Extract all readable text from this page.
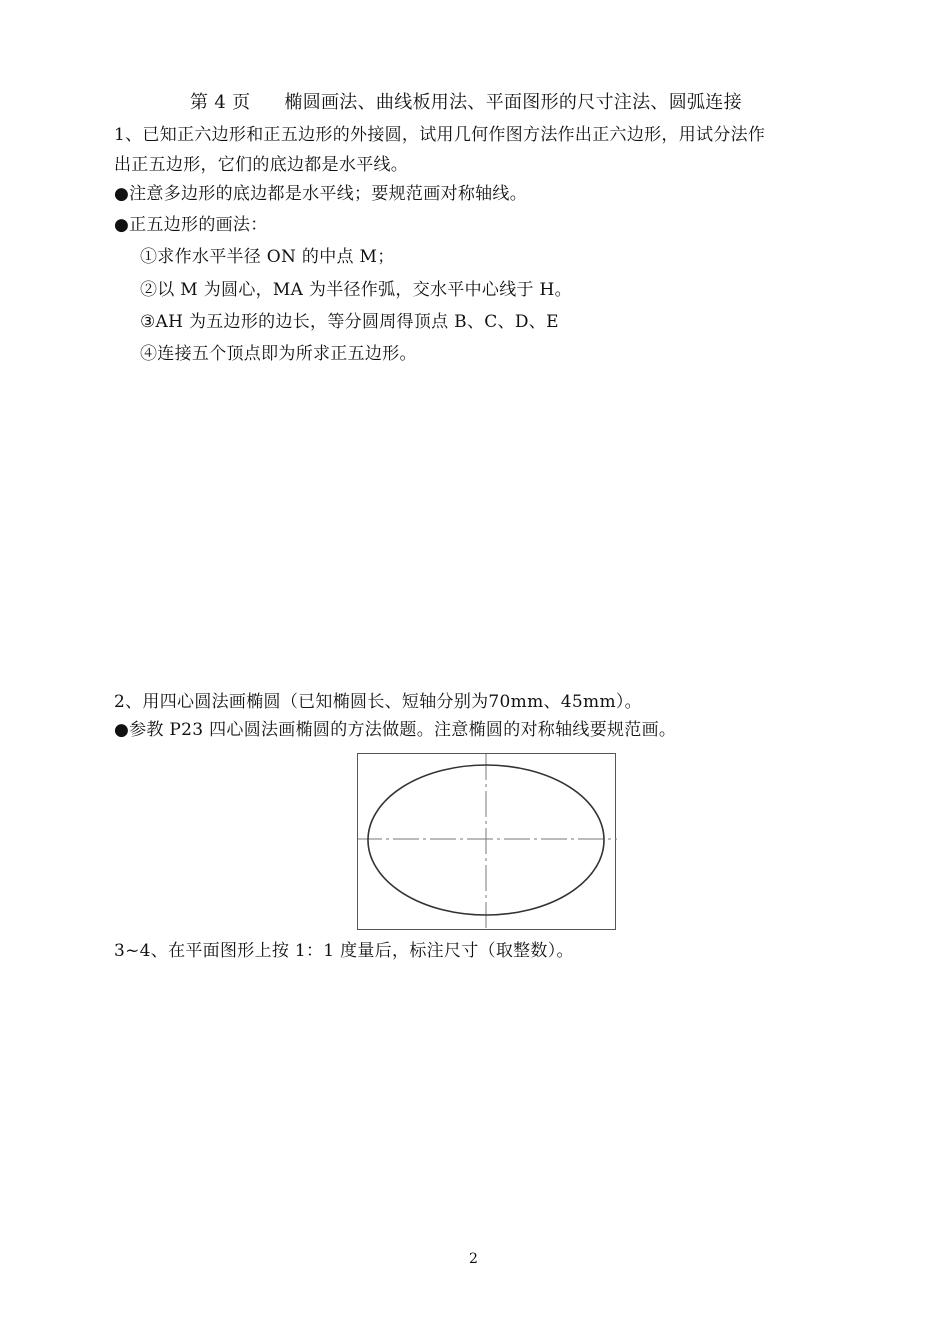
第 4 页 椭圆画法、曲线板用法、平面图形的尺寸注法、圆弧连接
1、已知正六边形和正五边形的外接圆，试用几何作图方法作出正六边形，用试分法作
出正五边形，它们的底边都是水平线。
●注意多边形的底边都是水平线；要规范画对称轴线。
●正五边形的画法：
①求作水平半径 ON 的中点 M；
②以 M 为圆心，MA 为半径作弧，交水平中心线于 H。
③AH 为五边形的边长，等分圆周得顶点 B、C、D、E
④连接五个顶点即为所求正五边形。
2、用四心圆法画椭圆（已知椭圆长、短轴分别为70mm、45mm）。
●参教 P23 四心圆法画椭圆的方法做题。注意椭圆的对称轴线要规范画。
3~4、在平面图形上按 1：1 度量后，标注尺寸（取整数）。
2
